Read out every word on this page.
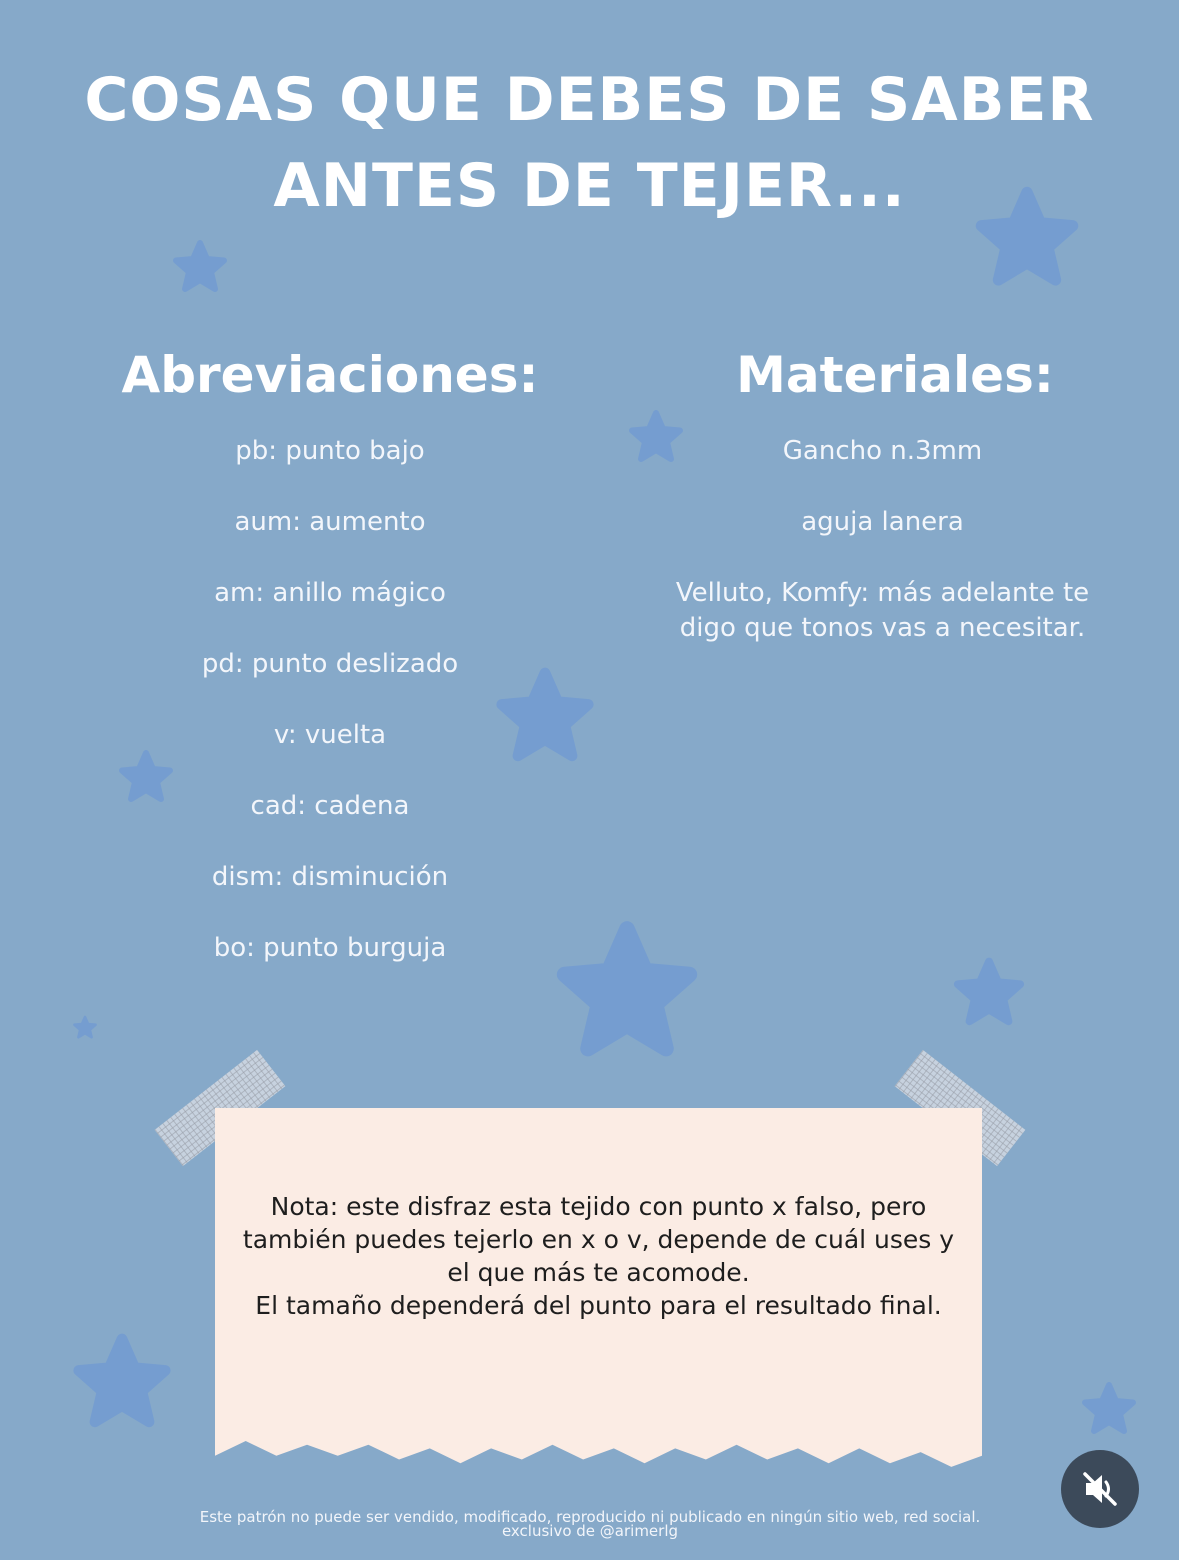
COSAS QUE DEBES DE SABER
ANTES DE TEJER...
Abreviaciones:
pb: punto bajo
aum: aumento
am: anillo mágico
pd: punto deslizado
v: vuelta
cad: cadena
dism: disminución
bo: punto burguja
Materiales:
Gancho n.3mm
aguja lanera
Velluto, Komfy: más adelante te digo que tonos vas a necesitar.

Nota: este disfraz esta tejido con punto x falso, pero también puedes tejerlo en x o v, depende de cuál uses y el que más te acomode.
El tamaño dependerá del punto para el resultado final.

Este patrón no puede ser vendido, modificado, reproducido ni publicado en ningún sitio web, red social.
exclusivo de @arimerlg
